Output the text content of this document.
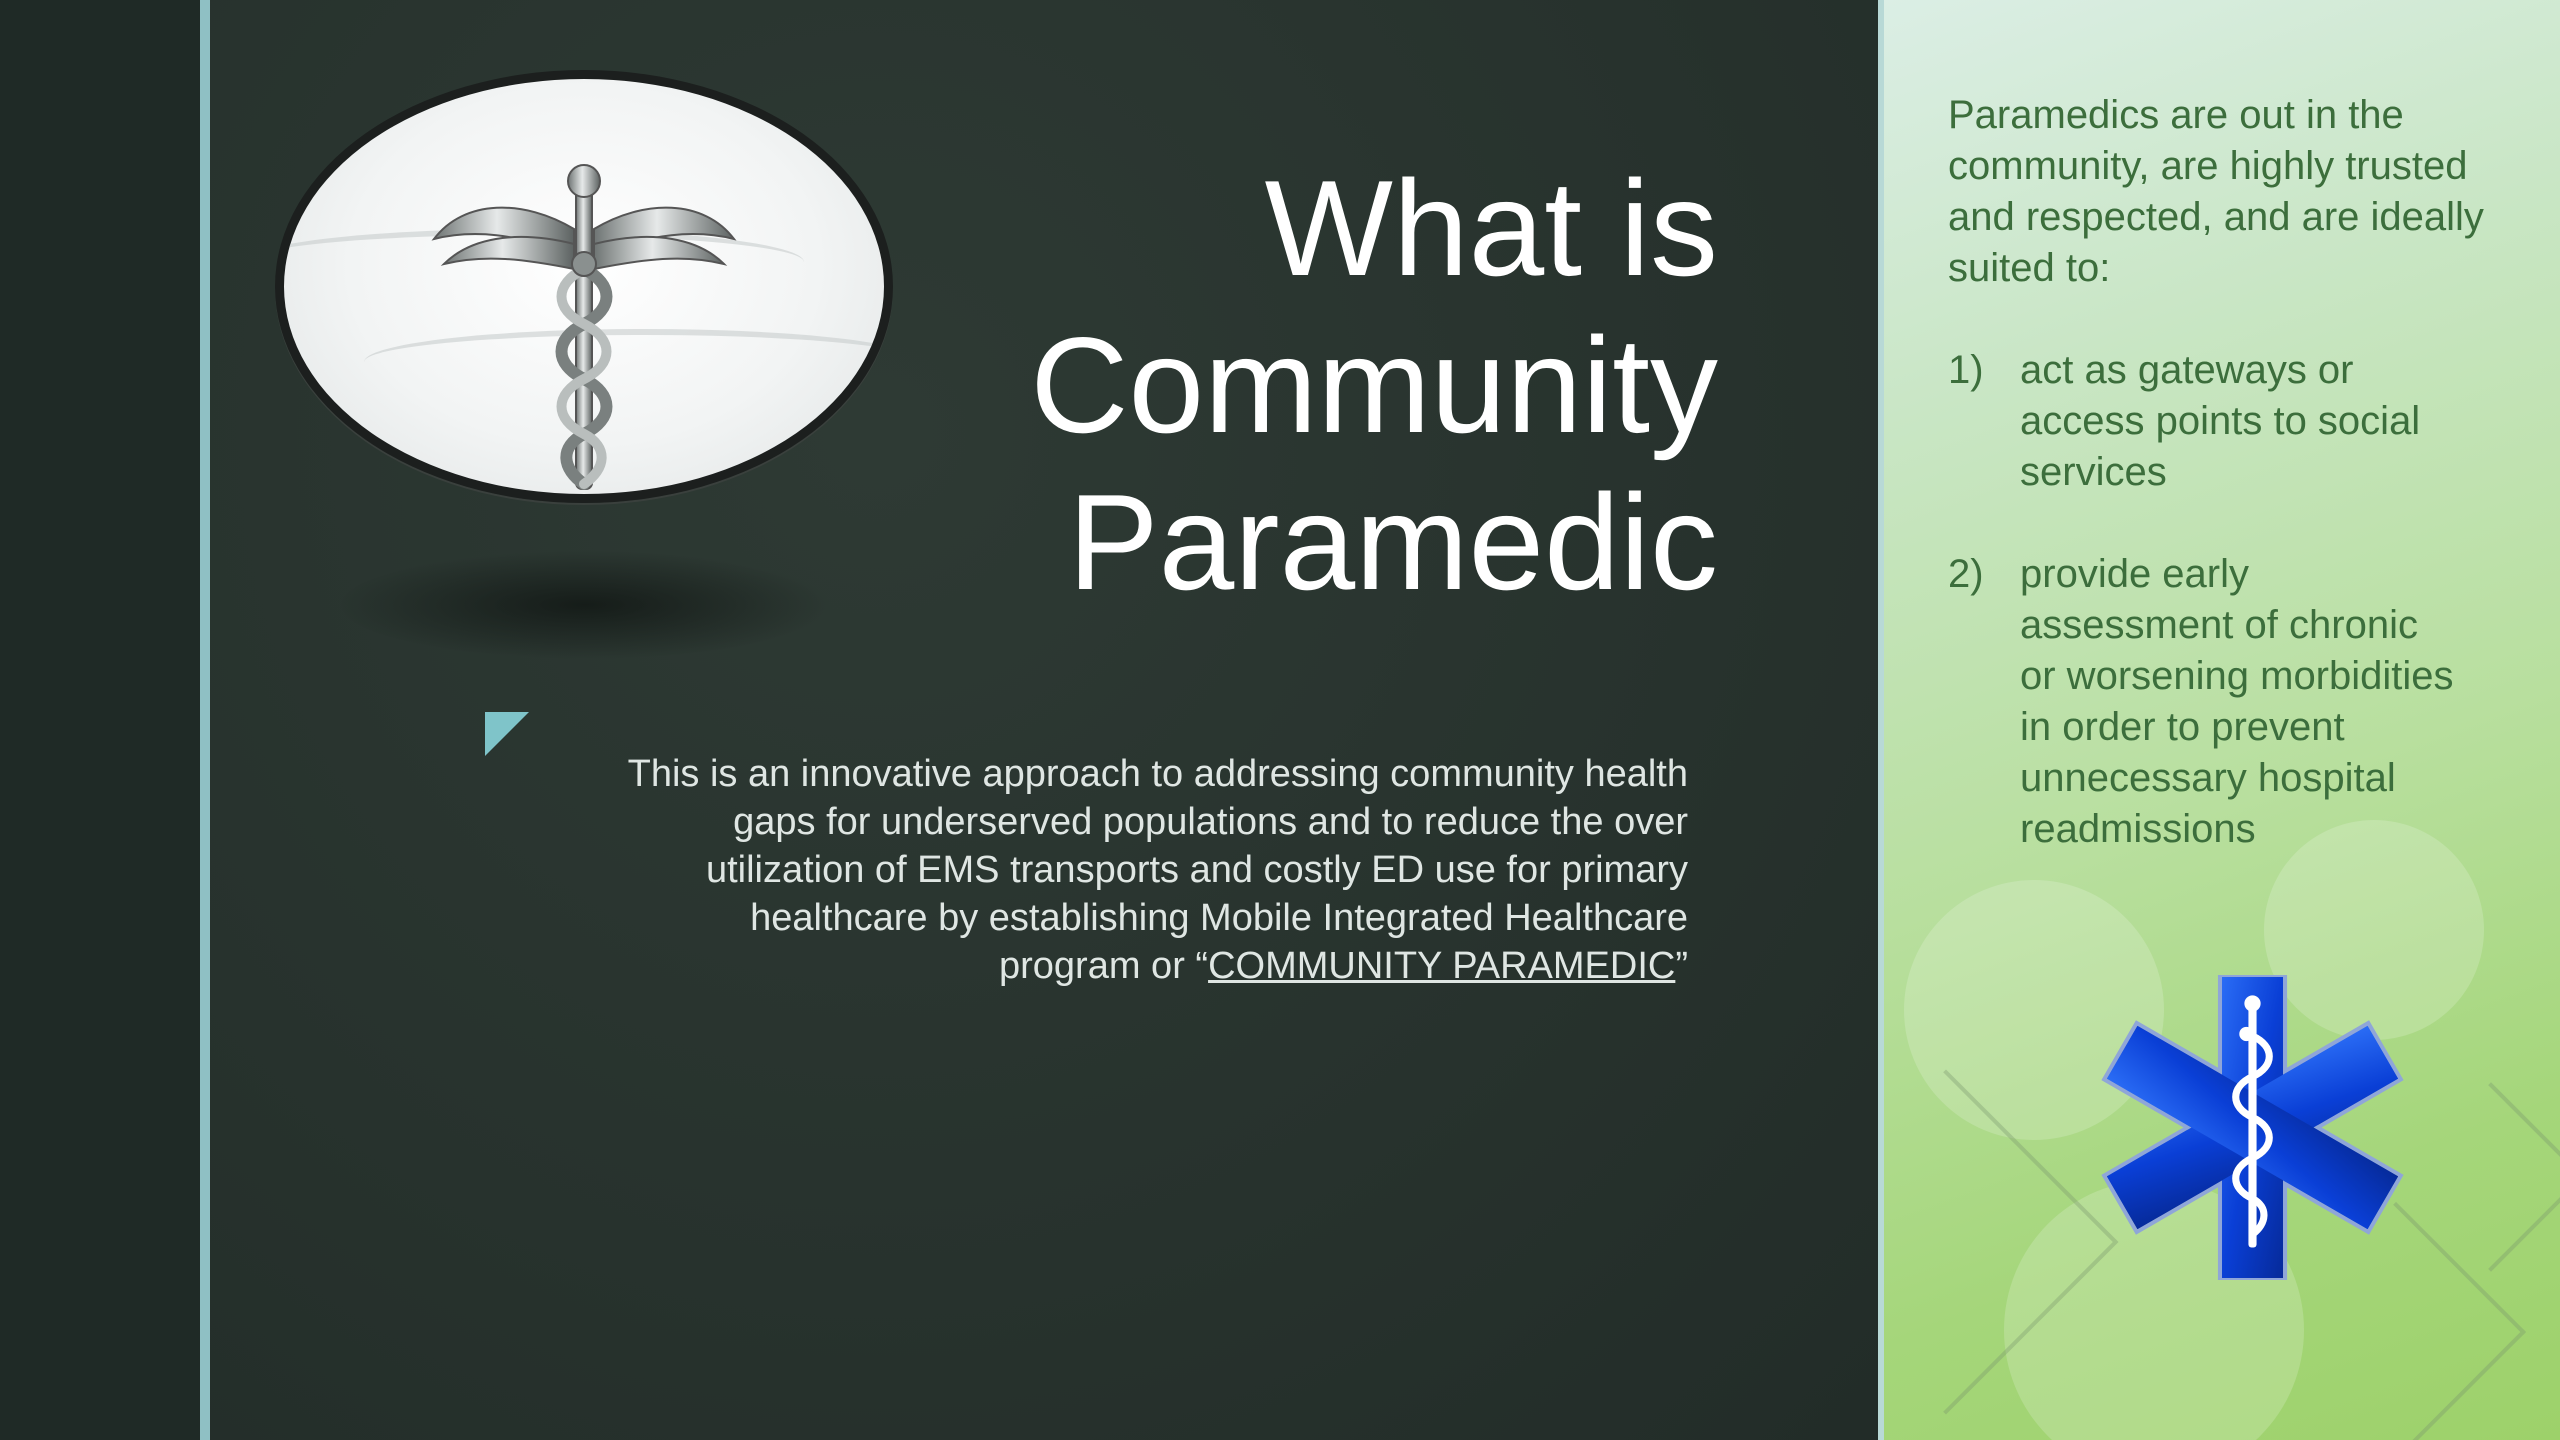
What is
Community
Paramedic

This is an innovative approach to addressing community health gaps for underserved populations and to reduce the over utilization of EMS transports and costly ED use for primary healthcare by establishing Mobile Integrated Healthcare program or “COMMUNITY PARAMEDIC”

Paramedics are out in the community, are highly trusted and respected, and are ideally suited to:

1) act as gateways or access points to social services
2) provide early assessment of chronic or worsening morbidities in order to prevent unnecessary hospital readmissions
